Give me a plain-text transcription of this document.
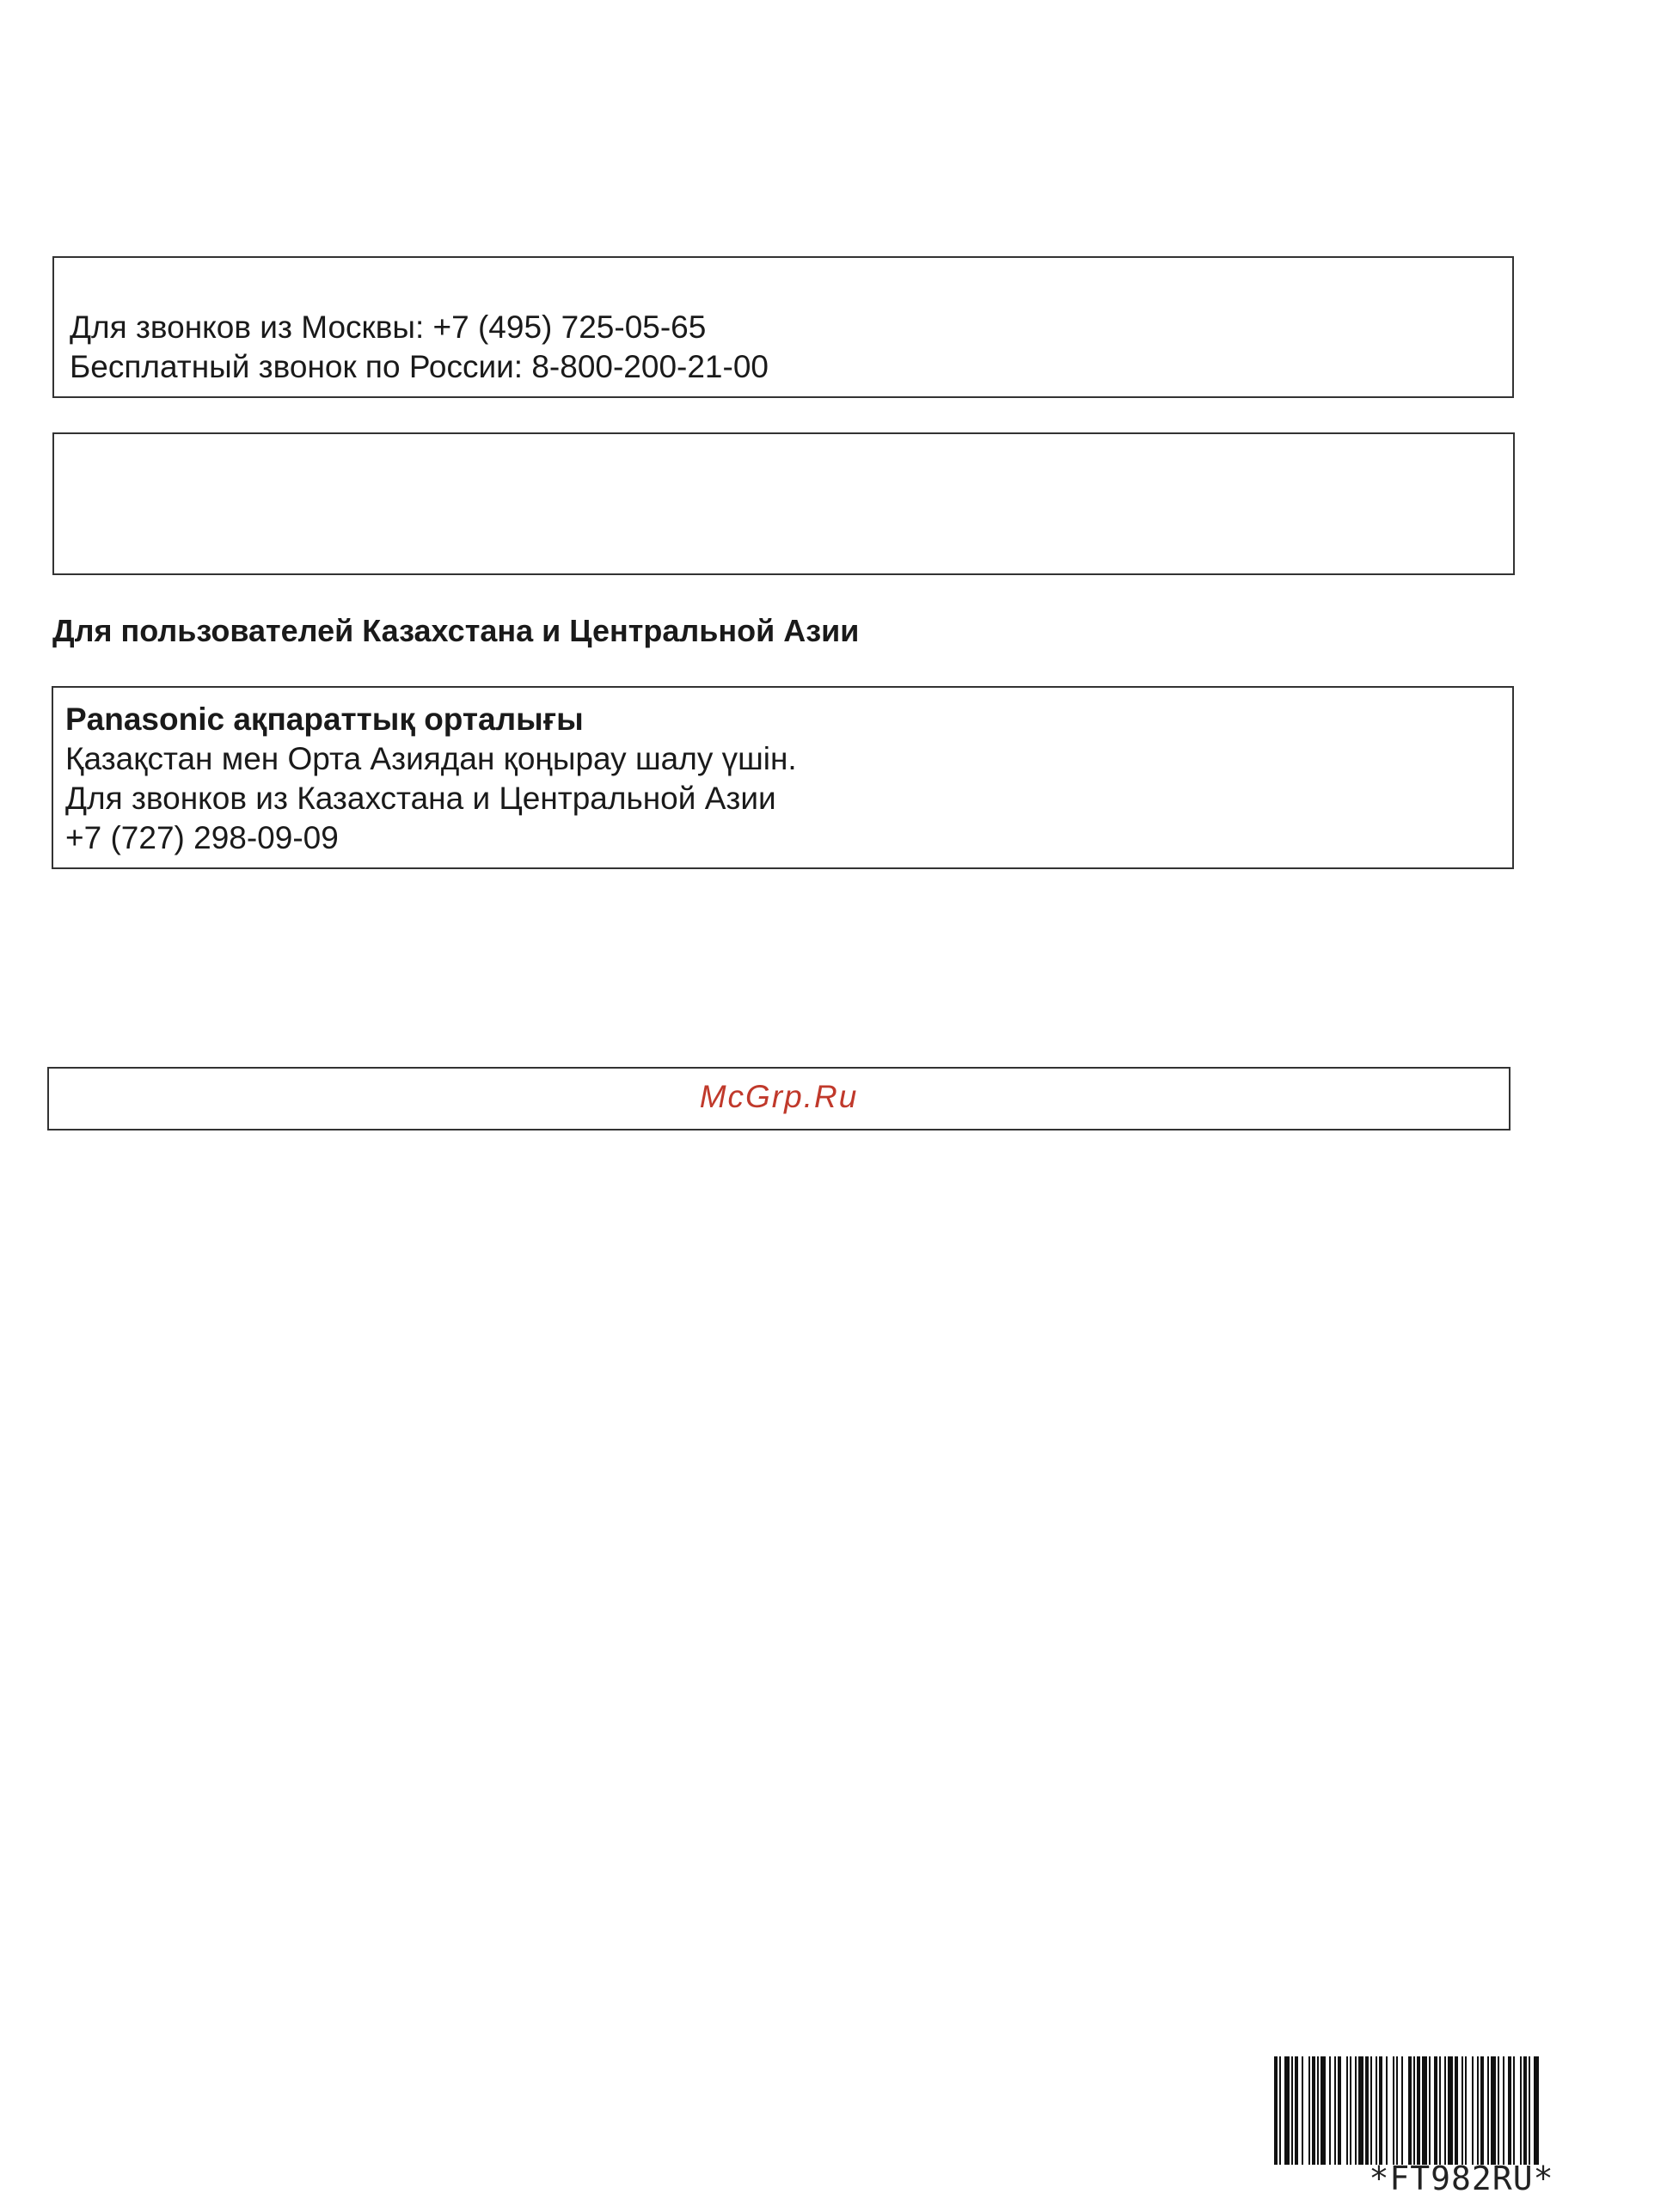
Для звонков из Москвы: +7 (495) 725-05-65
Бесплатный звонок по России: 8-800-200-21-00
Для пользователей Казахстана и Центральной Азии
Panasonic ақпараттық орталығы
Қазақстан мен Орта Азиядан қоңырау шалу үшін.
Для звонков из Казахстана и Центральной Азии
+7 (727) 298-09-09
McGrp.Ru
*FT982RU*
